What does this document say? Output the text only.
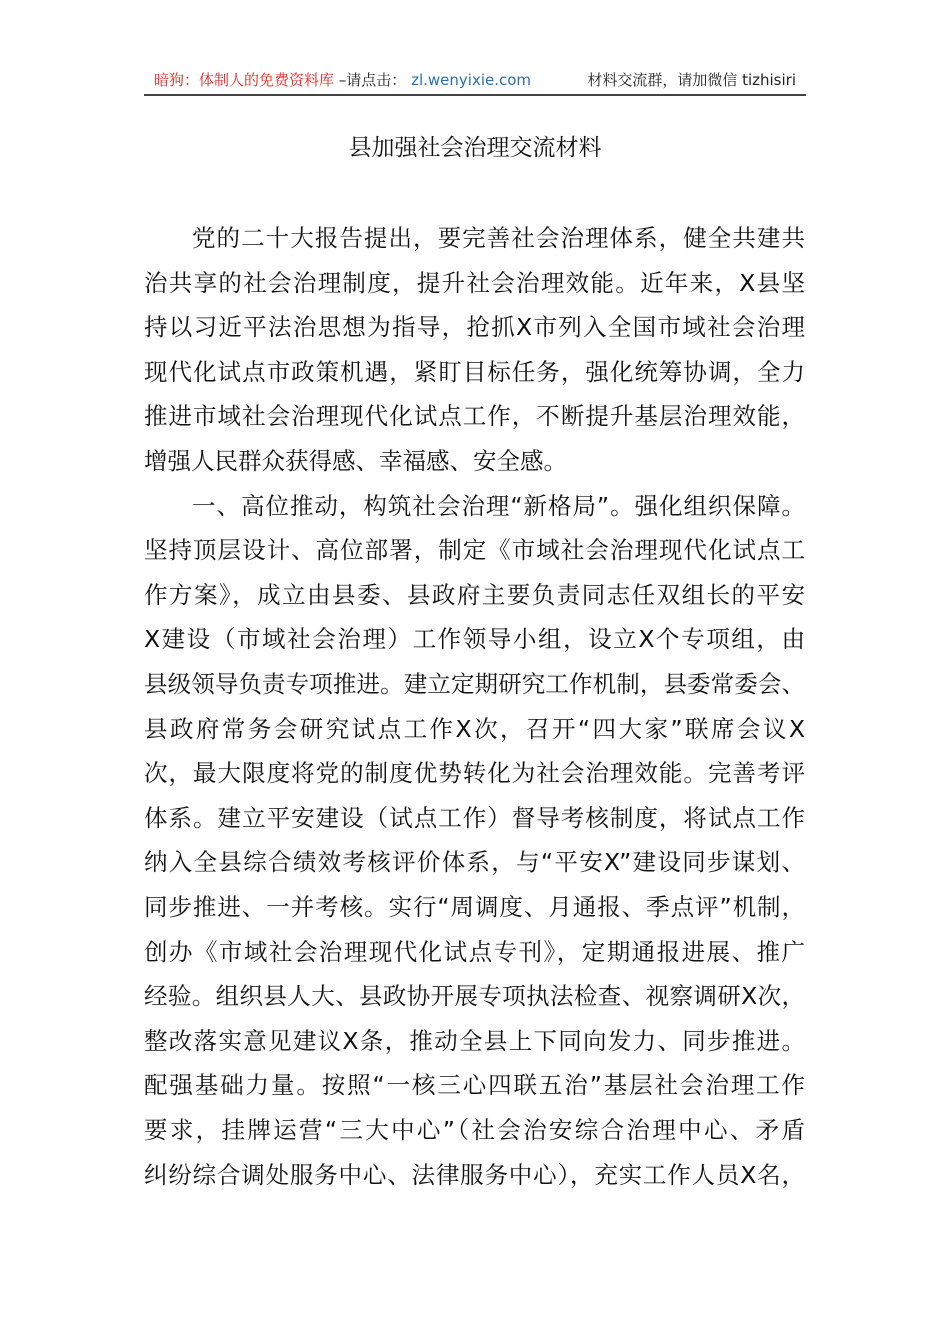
暗狗：体制人的免费资料库 –请点击： zl.wenyixie.com	材料交流群，请加微信 tizhisiri
县加强社会治理交流材料
党的二十大报告提出，要完善社会治理体系，健全共建共
治共享的社会治理制度，提升社会治理效能。近年来，X县坚
持以习近平法治思想为指导，抢抓X市列入全国市域社会治理
现代化试点市政策机遇，紧盯目标任务，强化统筹协调，全力
推进市域社会治理现代化试点工作，不断提升基层治理效能，
增强人民群众获得感、幸福感、安全感。
一、高位推动，构筑社会治理“新格局”。强化组织保障。
坚持顶层设计、高位部署，制定《市域社会治理现代化试点工
作方案》，成立由县委、县政府主要负责同志任双组长的平安
X建设（市域社会治理）工作领导小组，设立X个专项组，由
县级领导负责专项推进。建立定期研究工作机制，县委常委会、
县政府常务会研究试点工作X次，召开“四大家”联席会议X
次，最大限度将党的制度优势转化为社会治理效能。完善考评
体系。建立平安建设（试点工作）督导考核制度，将试点工作
纳入全县综合绩效考核评价体系，与“平安X”建设同步谋划、
同步推进、一并考核。实行“周调度、月通报、季点评”机制，
创办《市域社会治理现代化试点专刊》，定期通报进展、推广
经验。组织县人大、县政协开展专项执法检查、视察调研X次，
整改落实意见建议X条，推动全县上下同向发力、同步推进。
配强基础力量。按照“一核三心四联五治”基层社会治理工作
要求，挂牌运营“三大中心”（社会治安综合治理中心、矛盾
纠纷综合调处服务中心、法律服务中心），充实工作人员X名，
